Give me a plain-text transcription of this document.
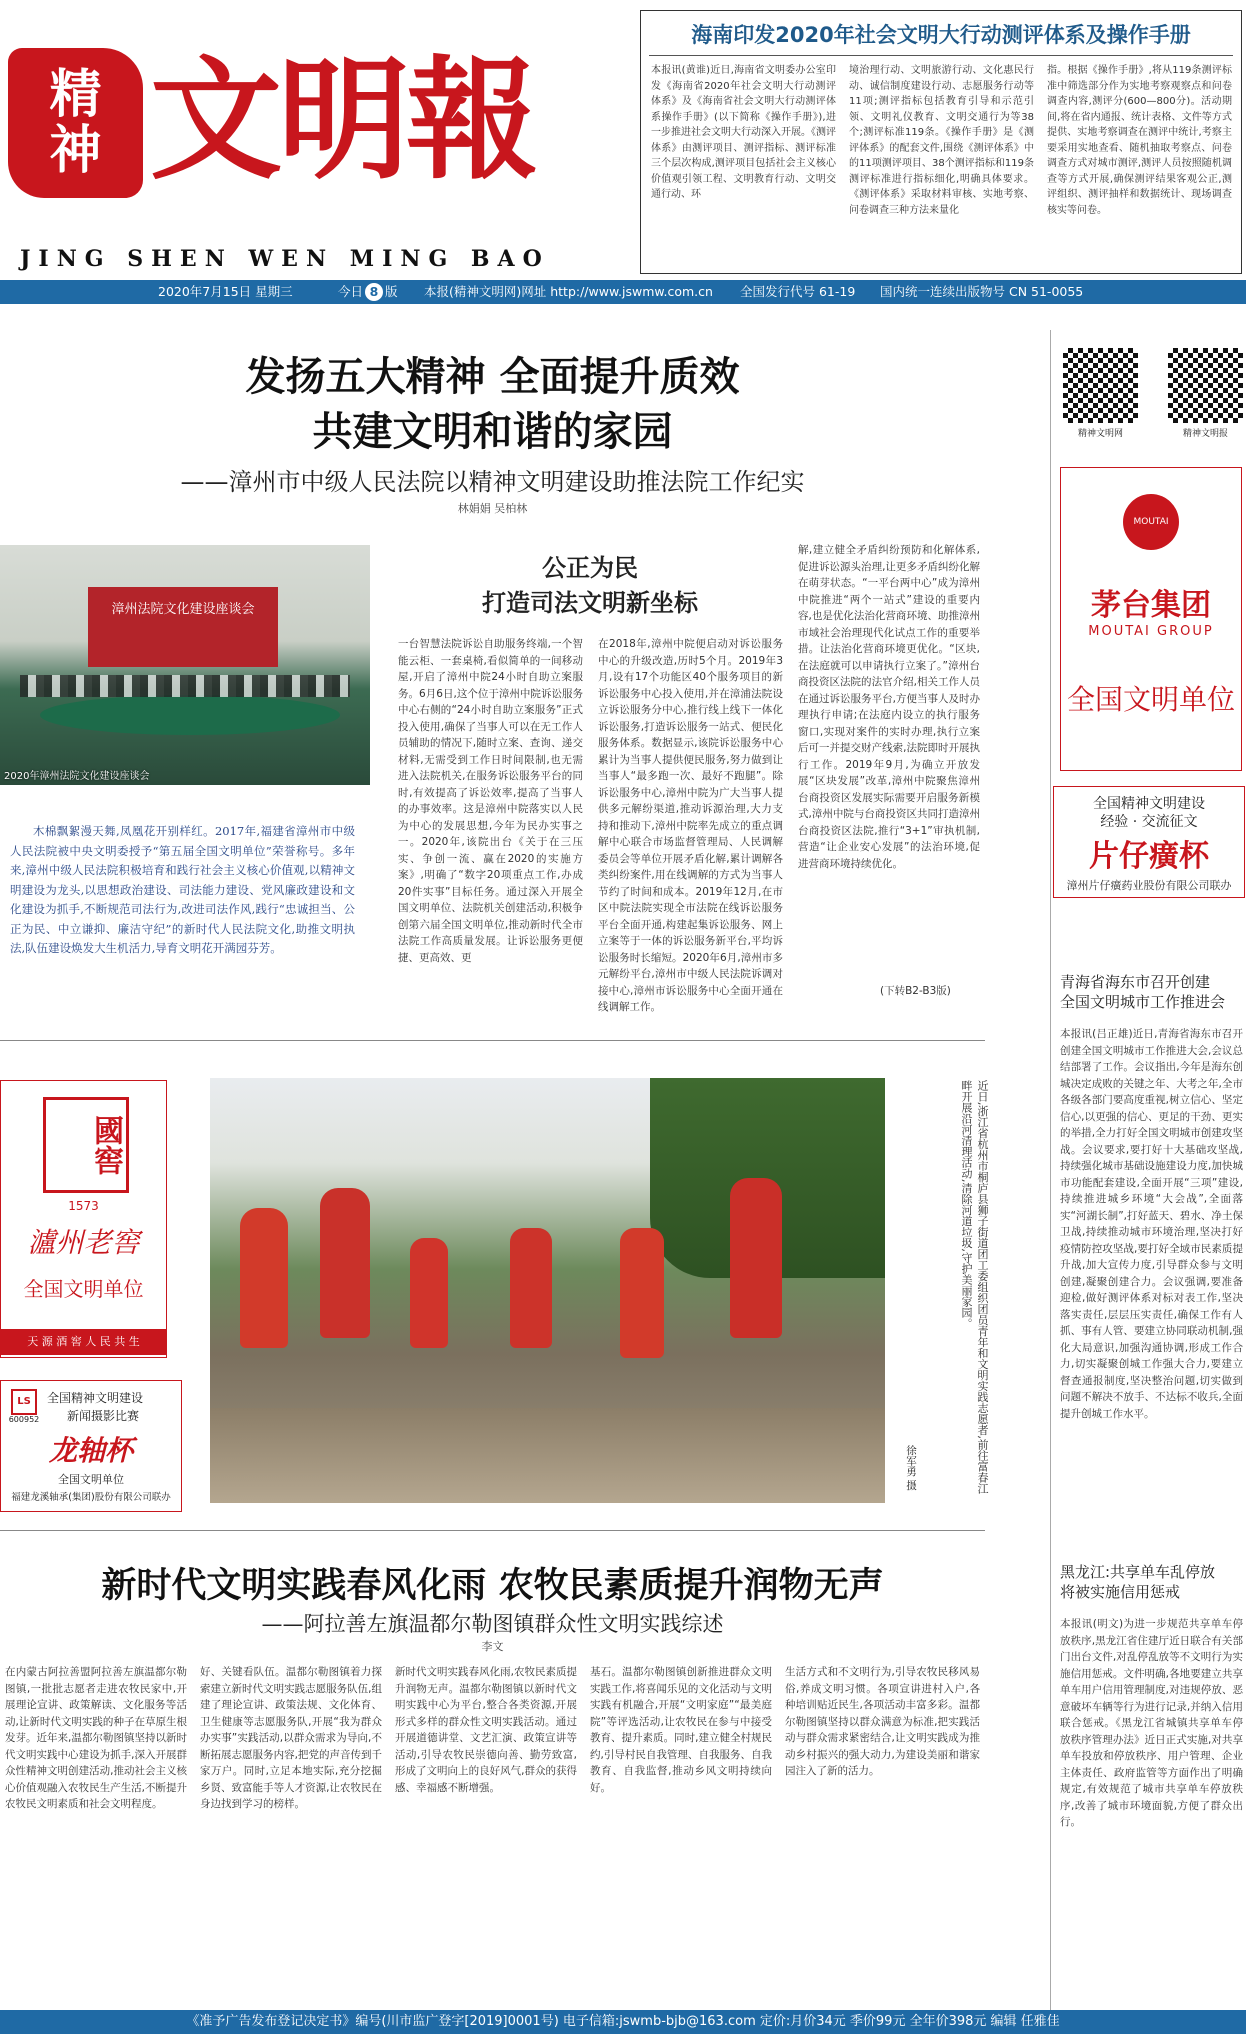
精
神 文明報
JING SHEN WEN MING BAO
2020年7月15日 星期三	今日 8 版 本报(精神文明网)网址 http://www.jswmw.com.cn 全国发行代号 61-19 国内统一连续出版物号 CN 51-0055
海南印发2020年社会文明大行动测评体系及操作手册
本报讯(黄谁)近日,海南省文明委办公室印发《海南省2020年社会文明大行动测评体系》及《海南省社会文明大行动测评体系操作手册》(以下简称《操作手册》),进一步推进社会文明大行动深入开展。《测评体系》由测评项目、测评指标、测评标准三个层次构成,测评项目包括社会主义核心价值观引领工程、文明教育行动、文明交通行动、环
境治理行动、文明旅游行动、文化惠民行动、诚信制度建设行动、志愿服务行动等11项;测评指标包括教育引导和示范引领、文明礼仪教育、文明交通行为等38个;测评标准119条。《操作手册》是《测评体系》的配套文件,围绕《测评体系》中的11项测评项目、38个测评指标和119条测评标准进行指标细化,明确具体要求。《测评体系》采取材料审核、实地考察、问卷调查三种方法来量化
指。根据《操作手册》,将从119条测评标准中筛选部分作为实地考察观察点和问卷调查内容,测评分(600—800分)。活动期间,将在省内通报、统计表格、文件等方式提供、实地考察调查在测评中统计,考察主要采用实地查看、随机抽取考察点、问卷调查方式对城市测评,测评人员按照随机调查等方式开展,确保测评结果客观公正,测评组织、测评抽样和数据统计、现场调查核实等问卷。
发扬五大精神 全面提升质效
共建文明和谐的家园
——漳州市中级人民法院以精神文明建设助推法院工作纪实
林娟娟 吴柏林
漳州法院文化建设座谈会
2020年漳州法院文化建设座谈会
公正为民
打造司法文明新坐标
木棉飘絮漫天舞,凤凰花开别样红。2017年,福建省漳州市中级人民法院被中央文明委授予“第五届全国文明单位”荣誉称号。多年来,漳州中级人民法院积极培育和践行社会主义核心价值观,以精神文明建设为龙头,以思想政治建设、司法能力建设、党风廉政建设和文化建设为抓手,不断规范司法行为,改进司法作风,践行“忠诚担当、公正为民、中立谦抑、廉洁守纪”的新时代人民法院文化,助推文明执法,队伍建设焕发大生机活力,导育文明花开满园芬芳。
一台智慧法院诉讼自助服务终端,一个智能云柜、一套桌椅,看似简单的一间移动屋,开启了漳州中院24小时自助立案服务。6月6日,这个位于漳州中院诉讼服务中心右侧的“24小时自助立案服务”正式投入使用,确保了当事人可以在无工作人员辅助的情况下,随时立案、查询、递交材料,无需受到工作日时间限制,也无需进入法院机关,在服务诉讼服务平台的同时,有效提高了诉讼效率,提高了当事人的办事效率。这是漳州中院落实以人民为中心的发展思想,今年为民办实事之一。2020年,该院出台《关于在三压实、争创一流、赢在2020的实施方案》,明确了“数字20项重点工作,办成20件实事”目标任务。通过深入开展全国文明单位、法院机关创建活动,积极争创第六届全国文明单位,推动新时代全市法院工作高质量发展。让诉讼服务更便捷、更高效、更
在2018年,漳州中院便启动对诉讼服务中心的升级改造,历时5个月。2019年3月,设有17个功能区40个服务项目的新诉讼服务中心投入使用,并在漳浦法院设立诉讼服务分中心,推行线上线下一体化诉讼服务,打造诉讼服务一站式、便民化服务体系。数据显示,该院诉讼服务中心累计为当事人提供便民服务,努力做到让当事人“最多跑一次、最好不跑腿”。除诉讼服务中心,漳州中院为广大当事人提供多元解纷渠道,推动诉源治理,大力支持和推动下,漳州中院率先成立的重点调解中心联合市场监督管理局、人民调解委员会等单位开展矛盾化解,累计调解各类纠纷案件,用在线调解的方式为当事人节约了时间和成本。2019年12月,在市区中院法院实现全市法院在线诉讼服务平台全面开通,构建起集诉讼服务、网上立案等于一体的诉讼服务新平台,平均诉讼服务时长缩短。2020年6月,漳州市多元解纷平台,漳州市中级人民法院诉调对接中心,漳州市诉讼服务中心全面开通在线调解工作。
解,建立健全矛盾纠纷预防和化解体系,促进诉讼源头治理,让更多矛盾纠纷化解在萌芽状态。“一平台两中心”成为漳州中院推进“两个一站式”建设的重要内容,也是优化法治化营商环境、助推漳州市域社会治理现代化试点工作的重要举措。让法治化营商环境更优化。“区块,在法庭就可以申请执行立案了。”漳州台商投资区法院的法官介绍,相关工作人员在通过诉讼服务平台,方便当事人及时办理执行申请;在法庭内设立的执行服务窗口,实现对案件的实时办理,执行立案后可一并提交财产线索,法院即时开展执行工作。2019年9月,为确立开放发展“区块发展”改革,漳州中院聚焦漳州台商投资区发展实际需要开启服务新模式,漳州中院与台商投资区共同打造漳州台商投资区法院,推行“3+1”审执机制,营造“让企业安心发展”的法治环境,促进营商环境持续优化。
(下转B2-B3版)
精神文明网	精神文明报
MOUTAI
茅台集团
MOUTAI GROUP
全国文明单位
全国精神文明建设
经验 · 交流征文
片仔癀杯
漳州片仔癀药业股份有限公司联办
青海省海东市召开创建
全国文明城市工作推进会
本报讯(吕正雄)近日,青海省海东市召开创建全国文明城市工作推进大会,会议总结部署了工作。会议指出,今年是海东创城决定成败的关键之年、大考之年,全市各级各部门要高度重视,树立信心、坚定信心,以更强的信心、更足的干劲、更实的举措,全力打好全国文明城市创建攻坚战。会议要求,要打好十大基础攻坚战,持续强化城市基础设施建设力度,加快城市功能配套建设,全面开展“三项”建设,持续推进城乡环境“大会战”,全面落实“河湖长制”,打好蓝天、碧水、净土保卫战,持续推动城市环境治理,坚决打好疫情防控攻坚战,要打好全域市民素质提升战,加大宣传力度,引导群众参与文明创建,凝聚创建合力。会议强调,要准备迎检,做好测评体系对标对表工作,坚决落实责任,层层压实责任,确保工作有人抓、事有人管、要建立协同联动机制,强化大局意识,加强沟通协调,形成工作合力,切实凝聚创城工作强大合力,要建立督查通报制度,坚决整治问题,切实做到问题不解决不放手、不达标不收兵,全面提升创城工作水平。
國窖
1573
瀘州老窖
全国文明单位
天 源 酒 窖 人 民 共 生
LS
600952
全国精神文明建设
新闻摄影比赛
龙轴杯
全国文明单位
福建龙溪轴承(集团)股份有限公司联办
近日,浙江省杭州市桐庐县狮子街道团工委组织团员青年和文明实践志愿者,前往富春江畔开展沿河清理活动,清除河道垃圾,守护美丽家园。
徐军勇 摄
新时代文明实践春风化雨 农牧民素质提升润物无声
——阿拉善左旗温都尔勒图镇群众性文明实践综述
李文
在内蒙古阿拉善盟阿拉善左旗温都尔勒图镇,一批批志愿者走进农牧民家中,开展理论宣讲、政策解读、文化服务等活动,让新时代文明实践的种子在草原生根发芽。近年来,温都尔勒图镇坚持以新时代文明实践中心建设为抓手,深入开展群众性精神文明创建活动,推动社会主义核心价值观融入农牧民生产生活,不断提升农牧民文明素质和社会文明程度。
好、关键看队伍。温都尔勒图镇着力探索建立新时代文明实践志愿服务队伍,组建了理论宣讲、政策法规、文化体育、卫生健康等志愿服务队,开展“我为群众办实事”实践活动,以群众需求为导向,不断拓展志愿服务内容,把党的声音传到千家万户。同时,立足本地实际,充分挖掘乡贤、致富能手等人才资源,让农牧民在身边找到学习的榜样。
新时代文明实践春风化雨,农牧民素质提升润物无声。温都尔勒图镇以新时代文明实践中心为平台,整合各类资源,开展形式多样的群众性文明实践活动。通过开展道德讲堂、文艺汇演、政策宣讲等活动,引导农牧民崇德向善、勤劳致富,形成了文明向上的良好风气,群众的获得感、幸福感不断增强。
基石。温都尔勒图镇创新推进群众文明实践工作,将喜闻乐见的文化活动与文明实践有机融合,开展“文明家庭”“最美庭院”等评选活动,让农牧民在参与中接受教育、提升素质。同时,建立健全村规民约,引导村民自我管理、自我服务、自我教育、自我监督,推动乡风文明持续向好。
生活方式和不文明行为,引导农牧民移风易俗,养成文明习惯。各项宣讲进村入户,各种培训贴近民生,各项活动丰富多彩。温都尔勒图镇坚持以群众满意为标准,把实践活动与群众需求紧密结合,让文明实践成为推动乡村振兴的强大动力,为建设美丽和谐家园注入了新的活力。
黑龙江:共享单车乱停放
将被实施信用惩戒
本报讯(明文)为进一步规范共享单车停放秩序,黑龙江省住建厅近日联合有关部门出台文件,对乱停乱放等不文明行为实施信用惩戒。文件明确,各地要建立共享单车用户信用管理制度,对违规停放、恶意破坏车辆等行为进行记录,并纳入信用联合惩戒。《黑龙江省城镇共享单车停放秩序管理办法》近日正式实施,对共享单车投放和停放秩序、用户管理、企业主体责任、政府监管等方面作出了明确规定,有效规范了城市共享单车停放秩序,改善了城市环境面貌,方便了群众出行。
《准予广告发布登记决定书》编号(川市监广登字[2019]0001号) 电子信箱:jswmb-bjb@163.com 定价:月价34元 季价99元 全年价398元 编辑 任雅佳
